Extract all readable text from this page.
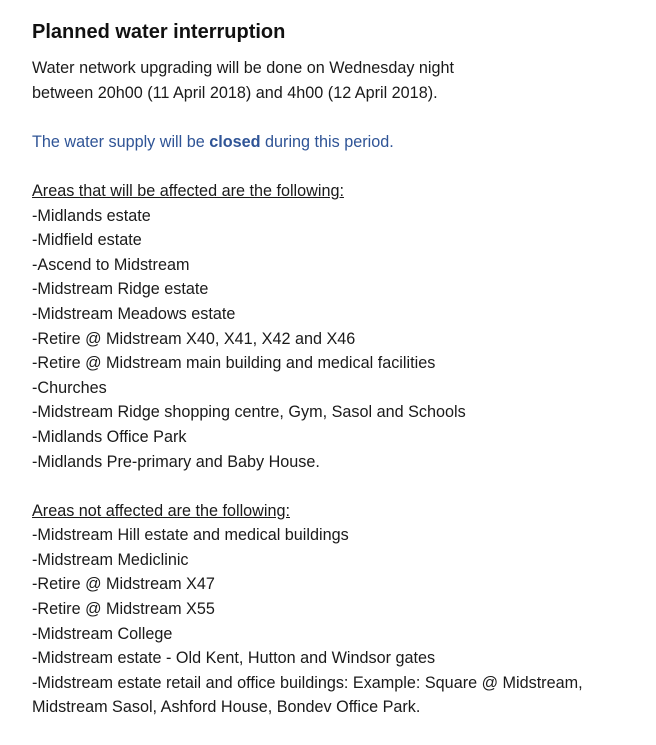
Planned water interruption
Water network upgrading will be done on Wednesday night
between 20h00 (11 April 2018) and 4h00 (12 April 2018).
The water supply will be closed during this period.
Areas that will be affected are the following:
-Midlands estate
-Midfield estate
-Ascend to Midstream
-Midstream Ridge estate
-Midstream Meadows estate
-Retire @ Midstream X40, X41, X42 and X46
-Retire @ Midstream main building and medical facilities
-Churches
-Midstream Ridge shopping centre, Gym, Sasol and Schools
-Midlands Office Park
-Midlands Pre-primary and Baby House.
Areas not affected are the following:
-Midstream Hill estate and medical buildings
-Midstream Mediclinic
-Retire @ Midstream X47
-Retire @ Midstream X55
-Midstream College
-Midstream estate - Old Kent, Hutton and Windsor gates
-Midstream estate retail and office buildings: Example: Square @ Midstream,
Midstream Sasol, Ashford House, Bondev Office Park.
